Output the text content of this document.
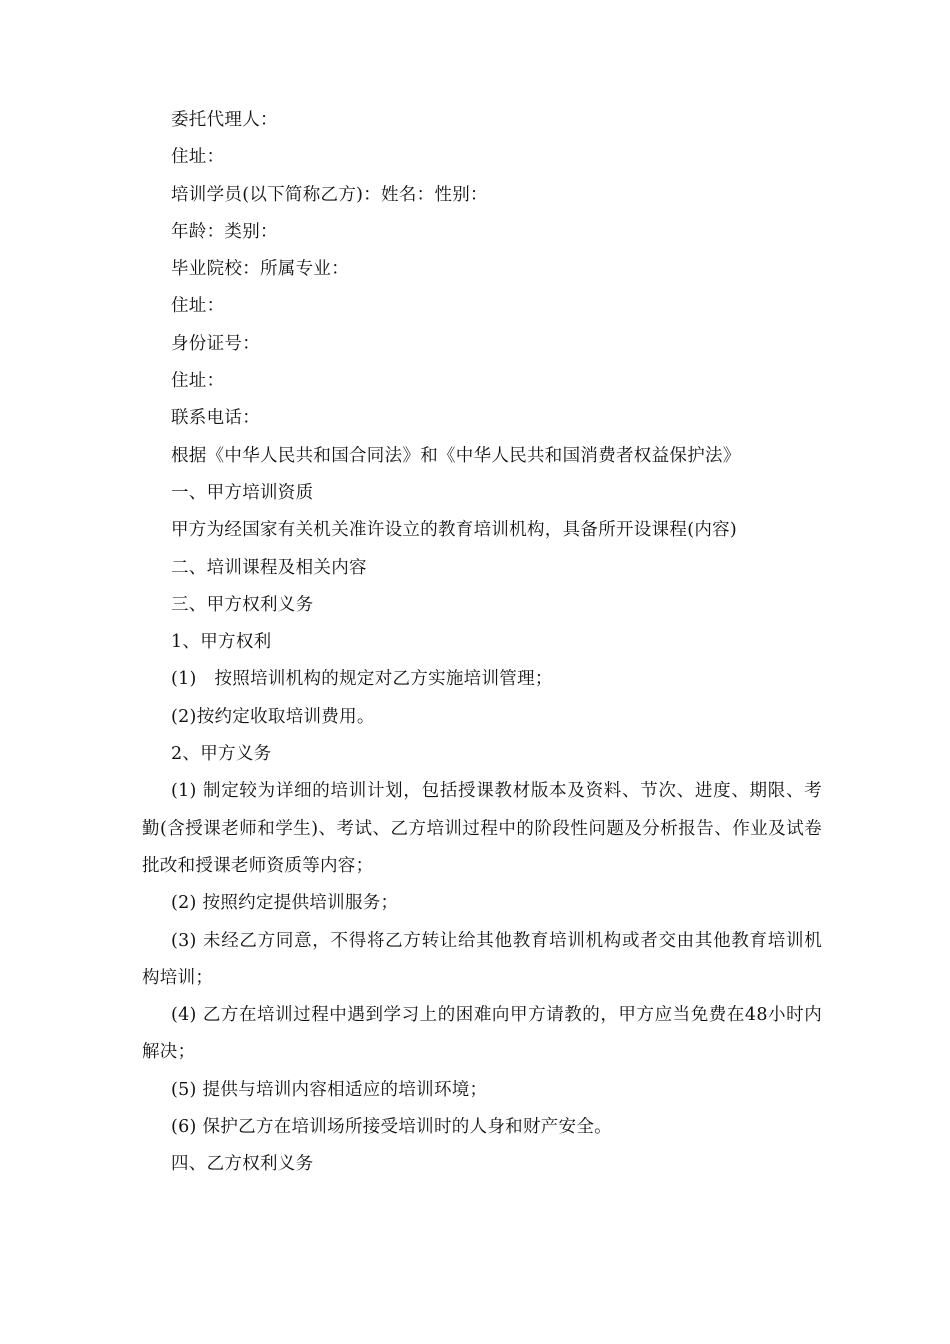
委托代理人：

住址：

培训学员(以下简称乙方)：姓名：性别：

年龄：类别：

毕业院校：所属专业：

住址：

身份证号：

住址：

联系电话：

根据《中华人民共和国合同法》和《中华人民共和国消费者权益保护法》

一、甲方培训资质

甲方为经国家有关机关准许设立的教育培训机构，具备所开设课程(内容)

二、培训课程及相关内容

三、甲方权利义务

1、甲方权利

(1)　按照培训机构的规定对乙方实施培训管理；

(2)按约定收取培训费用。

2、甲方义务

(1) 制定较为详细的培训计划，包括授课教材版本及资料、节次、进度、期限、考勤(含授课老师和学生)、考试、乙方培训过程中的阶段性问题及分析报告、作业及试卷批改和授课老师资质等内容；

(2) 按照约定提供培训服务；

(3) 未经乙方同意，不得将乙方转让给其他教育培训机构或者交由其他教育培训机构培训；

(4) 乙方在培训过程中遇到学习上的困难向甲方请教的，甲方应当免费在48小时内解决；

(5) 提供与培训内容相适应的培训环境；

(6) 保护乙方在培训场所接受培训时的人身和财产安全。

四、乙方权利义务
